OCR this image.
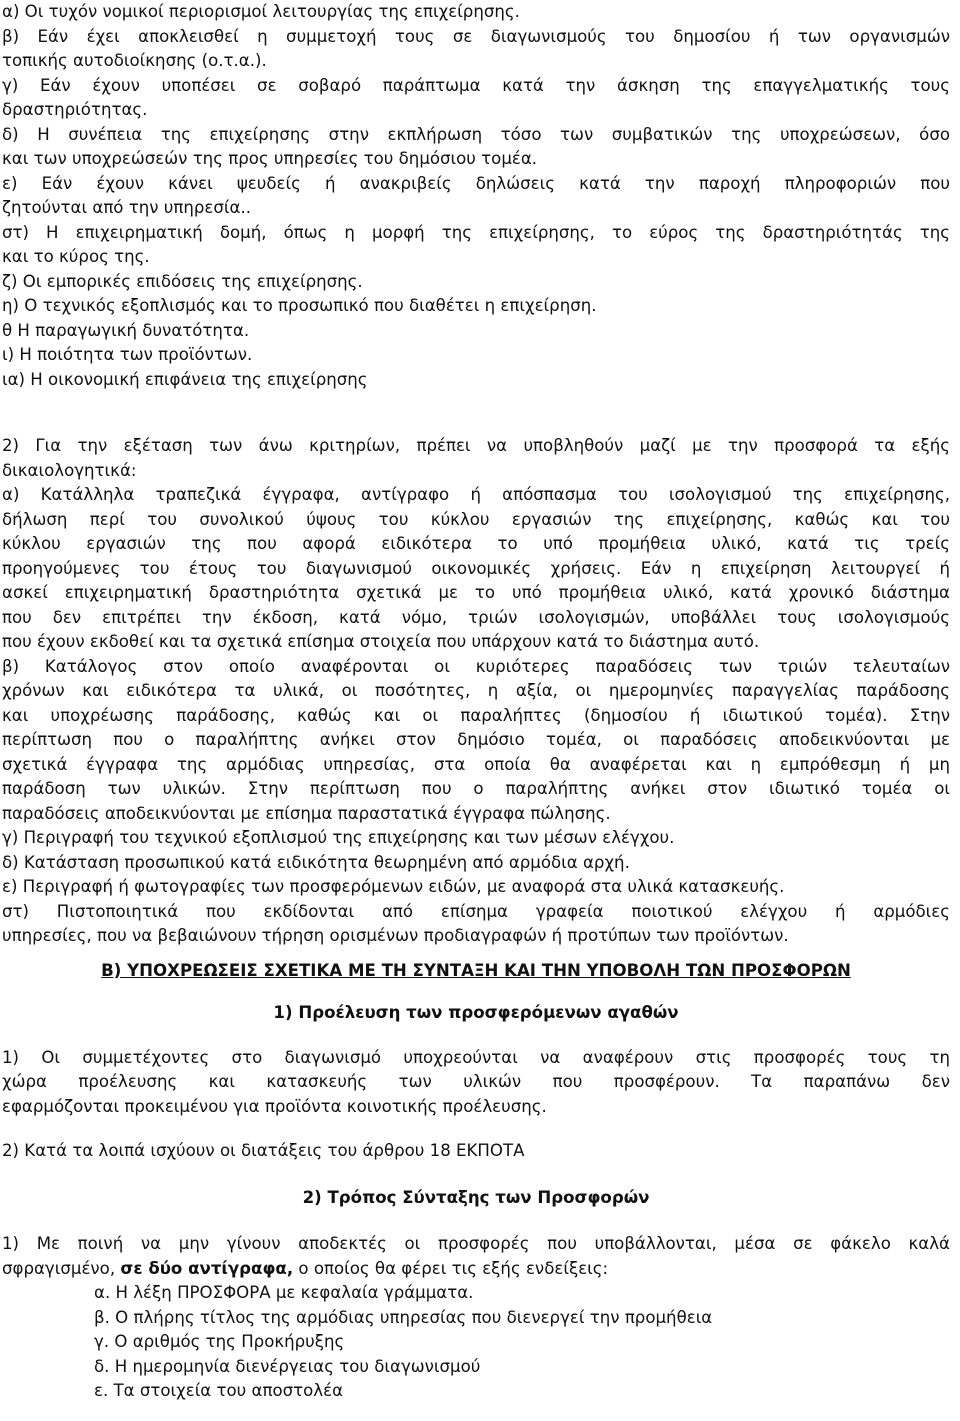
α) Οι τυχόν νομικοί περιορισμοί λειτουργίας της επιχείρησης.
β) Εάν έχει αποκλεισθεί η συμμετοχή τους σε διαγωνισμούς του δημοσίου ή των οργανισμών
τοπικής αυτοδιοίκησης (ο.τ.α.).
γ) Εάν έχουν υποπέσει σε σοβαρό παράπτωμα κατά την άσκηση της επαγγελματικής τους
δραστηριότητας.
δ) Η συνέπεια της επιχείρησης στην εκπλήρωση τόσο των συμβατικών της υποχρεώσεων, όσο
και των υποχρεώσεών της προς υπηρεσίες του δημόσιου τομέα.
ε) Εάν έχουν κάνει ψευδείς ή ανακριβείς δηλώσεις κατά την παροχή πληροφοριών που
ζητούνται από την υπηρεσία..
στ) Η επιχειρηματική δομή, όπως η μορφή της επιχείρησης, το εύρος της δραστηριότητάς της
και το κύρος της.
ζ) Οι εμπορικές επιδόσεις της επιχείρησης.
η) Ο τεχνικός εξοπλισμός και το προσωπικό που διαθέτει η επιχείρηση.
θ Η παραγωγική δυνατότητα.
ι) Η ποιότητα των προϊόντων.
ια) Η οικονομική επιφάνεια της επιχείρησης
2) Για την εξέταση των άνω κριτηρίων, πρέπει να υποβληθούν μαζί με την προσφορά τα εξής
δικαιολογητικά:
α) Κατάλληλα τραπεζικά έγγραφα, αντίγραφο ή απόσπασμα του ισολογισμού της επιχείρησης,
δήλωση περί του συνολικού ύψους του κύκλου εργασιών της επιχείρησης, καθώς και του
κύκλου εργασιών της που αφορά ειδικότερα το υπό προμήθεια υλικό, κατά τις τρείς
προηγούμενες του έτους του διαγωνισμού οικονομικές χρήσεις. Εάν η επιχείρηση λειτουργεί ή
ασκεί επιχειρηματική δραστηριότητα σχετικά με το υπό προμήθεια υλικό, κατά χρονικό διάστημα
που δεν επιτρέπει την έκδοση, κατά νόμο, τριών ισολογισμών, υποβάλλει τους ισολογισμούς
που έχουν εκδοθεί και τα σχετικά επίσημα στοιχεία που υπάρχουν κατά το διάστημα αυτό.
β) Κατάλογος στον οποίο αναφέρονται οι κυριότερες παραδόσεις των τριών τελευταίων
χρόνων και ειδικότερα τα υλικά, οι ποσότητες, η αξία, οι ημερομηνίες παραγγελίας παράδοσης
και υποχρέωσης παράδοσης, καθώς και οι παραλήπτες (δημοσίου ή ιδιωτικού τομέα). Στην
περίπτωση που ο παραλήπτης ανήκει στον δημόσιο τομέα, οι παραδόσεις αποδεικνύονται με
σχετικά έγγραφα της αρμόδιας υπηρεσίας, στα οποία θα αναφέρεται και η εμπρόθεσμη ή μη
παράδοση των υλικών. Στην περίπτωση που ο παραλήπτης ανήκει στον ιδιωτικό τομέα οι
παραδόσεις αποδεικνύονται με επίσημα παραστατικά έγγραφα πώλησης.
γ) Περιγραφή του τεχνικού εξοπλισμού της επιχείρησης και των μέσων ελέγχου.
δ) Κατάσταση προσωπικού κατά ειδικότητα θεωρημένη από αρμόδια αρχή.
ε) Περιγραφή ή φωτογραφίες των προσφερόμενων ειδών, με αναφορά στα υλικά κατασκευής.
στ) Πιστοποιητικά που εκδίδονται από επίσημα γραφεία ποιοτικού ελέγχου ή αρμόδιες
υπηρεσίες, που να βεβαιώνουν τήρηση ορισμένων προδιαγραφών ή προτύπων των προϊόντων.
Β) ΥΠΟΧΡΕΩΣΕΙΣ ΣΧΕΤΙΚΑ ΜΕ ΤΗ ΣΥΝΤΑΞΗ ΚΑΙ ΤΗΝ ΥΠΟΒΟΛΗ ΤΩΝ ΠΡΟΣΦΟΡΩΝ
1) Προέλευση των προσφερόμενων αγαθών
1) Οι συμμετέχοντες στο διαγωνισμό υποχρεούνται να αναφέρουν στις προσφορές τους τη
χώρα προέλευσης και κατασκευής των υλικών που προσφέρουν. Τα παραπάνω δεν
εφαρμόζονται προκειμένου για προϊόντα κοινοτικής προέλευσης.
2) Κατά τα λοιπά ισχύουν οι διατάξεις του άρθρου 18 ΕΚΠΟΤΑ
2) Τρόπος Σύνταξης των Προσφορών
1) Με ποινή να μην γίνουν αποδεκτές οι προσφορές που υποβάλλονται, μέσα σε φάκελο καλά
σφραγισμένο, σε δύο αντίγραφα, ο οποίος θα φέρει τις εξής ενδείξεις:
α. Η λέξη ΠΡΟΣΦΟΡΑ με κεφαλαία γράμματα.
β. Ο πλήρης τίτλος της αρμόδιας υπηρεσίας που διενεργεί την προμήθεια
γ. Ο αριθμός της Προκήρυξης
δ. Η ημερομηνία διενέργειας του διαγωνισμού
ε. Τα στοιχεία του αποστολέα
